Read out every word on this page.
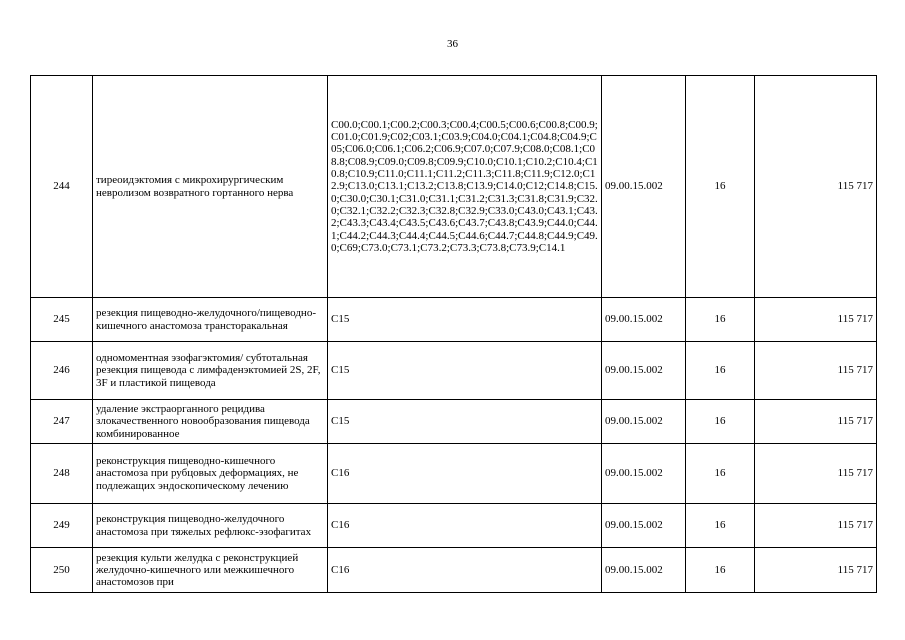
36
244	тиреоидэктомия с микрохирургическим невролизом возвратного гортанного нерва	C00.0;C00.1;C00.2;C00.3;C00.4;C00.5;C00.6;C00.8;C00.9;C01.0;C01.9;C02;C03.1;C03.9;C04.0;C04.1;C04.8;C04.9;C05;C06.0;C06.1;C06.2;C06.9;C07.0;C07.9;C08.0;C08.1;C08.8;C08.9;C09.0;C09.8;C09.9;C10.0;C10.1;C10.2;C10.4;C10.8;C10.9;C11.0;C11.1;C11.2;C11.3;C11.8;C11.9;C12.0;C12.9;C13.0;C13.1;C13.2;C13.8;C13.9;C14.0;C12;C14.8;C15.0;C30.0;C30.1;C31.0;C31.1;C31.2;C31.3;C31.8;C31.9;C32.0;C32.1;C32.2;C32.3;C32.8;C32.9;C33.0;C43.0;C43.1;C43.2;C43.3;C43.4;C43.5;C43.6;C43.7;C43.8;C43.9;C44.0;C44.1;C44.2;C44.3;C44.4;C44.5;C44.6;C44.7;C44.8;C44.9;C49.0;C69;C73.0;C73.1;C73.2;C73.3;C73.8;C73.9;C14.1	09.00.15.002	16	115 717
245	резекция пищеводно-желудочного/пищеводно-кишечного анастомоза трансторакальная	C15	09.00.15.002	16	115 717
246	одномоментная эзофагэктомия/ субтотальная резекция пищевода с лимфаденэктомией 2S, 2F, 3F и пластикой пищевода	C15	09.00.15.002	16	115 717
247	удаление экстраорганного рецидива злокачественного новообразования пищевода комбинированное	C15	09.00.15.002	16	115 717
248	реконструкция пищеводно-кишечного анастомоза при рубцовых деформациях, не подлежащих эндоскопическому лечению	C16	09.00.15.002	16	115 717
249	реконструкция пищеводно-желудочного анастомоза при тяжелых рефлюкс-эзофагитах	C16	09.00.15.002	16	115 717
250	резекция культи желудка с реконструкцией желудочно-кишечного или межкишечного анастомозов при	C16	09.00.15.002	16	115 717
